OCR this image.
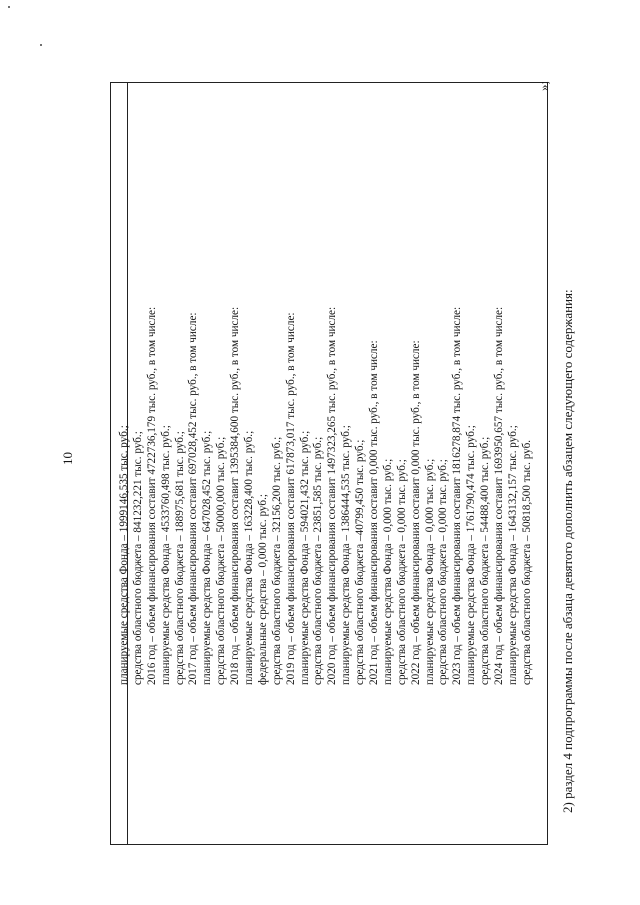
10	планируемые средства Фонда – 1999146,535 тыс. руб.; средства областного бюджета – 841232,221 тыс. руб.; 2016 год – объем финансирования составит 4722736,179 тыс. руб., в том числе: планируемые средства Фонда – 4533760,498 тыс. руб.; средства областного бюджета – 188975,681 тыс. руб.; 2017 год – объем финансирования составит 697028,452 тыс. руб., в том числе: планируемые средства Фонда – 647028,452 тыс. руб.; средства областного бюджета – 50000,000 тыс. руб.; 2018 год – объем финансирования составит 1395384,600 тыс. руб., в том числе: планируемые средства Фонда – 163228,400 тыс. руб.; федеральные средства – 0,000 тыс. руб.; средства областного бюджета – 32156,200 тыс. руб.; 2019 год – объем финансирования составит 617873,017 тыс. руб., в том числе: планируемые средства Фонда – 594021,432 тыс. руб.; средства областного бюджета – 23851,585 тыс. руб.; 2020 год – объем финансирования составит 1497323,265 тыс. руб., в том числе: планируемые средства Фонда – 1386444,535 тыс. руб.; средства областного бюджета –40799,450 тыс. руб.; 2021 год – объем финансирования составит 0,000 тыс. руб., в том числе: планируемые средства Фонда – 0,000 тыс. руб.; средства областного бюджета – 0,000 тыс. руб.; 2022 год – объем финансирования составит 0,000 тыс. руб., в том числе: планируемые средства Фонда – 0,000 тыс. руб.; средства областного бюджета – 0,000 тыс. руб.; 2023 год – объем финансирования составит 1816278,874 тыс. руб., в том числе: планируемые средства Фонда – 1761790,474 тыс. руб.; средства областного бюджета – 54488,400 тыс. руб.; 2024 год – объем финансирования составит 1693950,657 тыс. руб., в том числе: планируемые средства Фонда – 1643132,157 тыс. руб.; средства областного бюджета – 50818,500 тыс. руб.
»;
2) раздел 4 подпрограммы после абзаца девятого дополнить абзацем следующего содержания:
